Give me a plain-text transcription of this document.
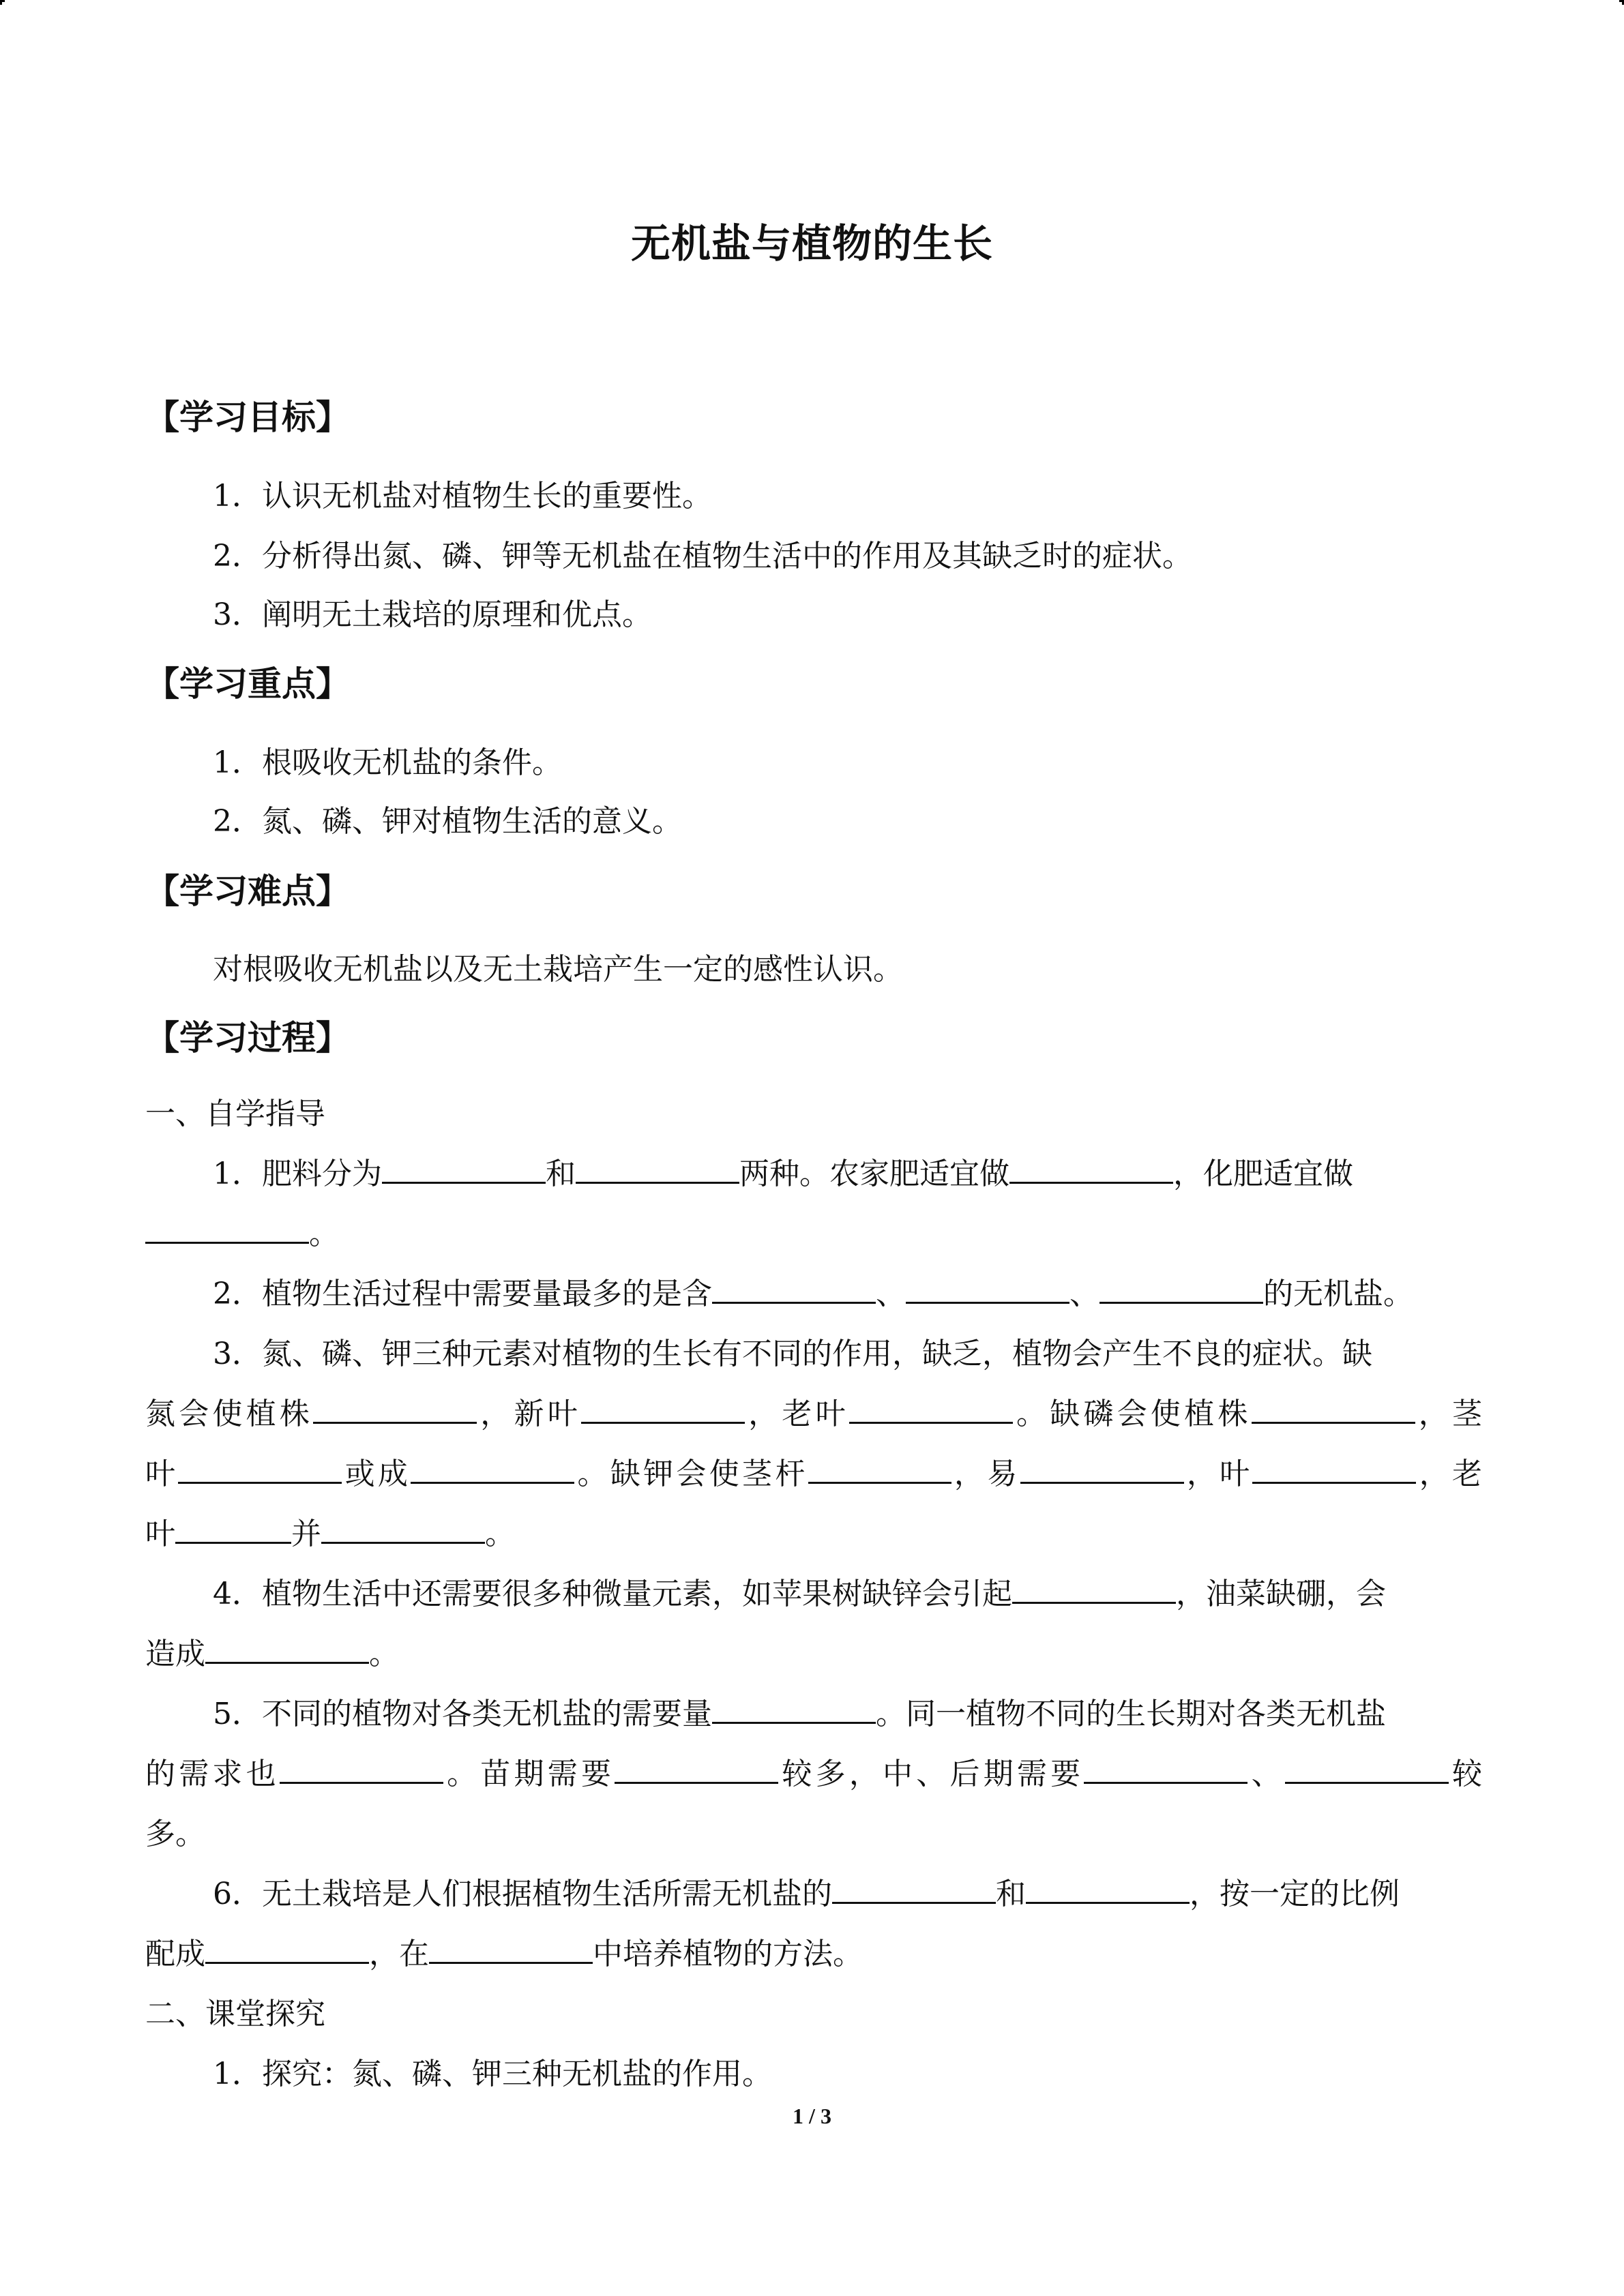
无机盐与植物的生长
【学习目标】
1．认识无机盐对植物生长的重要性。
2．分析得出氮、磷、钾等无机盐在植物生活中的作用及其缺乏时的症状。
3．阐明无土栽培的原理和优点。
【学习重点】
1．根吸收无机盐的条件。
2．氮、磷、钾对植物生活的意义。
【学习难点】
对根吸收无机盐以及无土栽培产生一定的感性认识。
【学习过程】
一、自学指导
1．肥料分为	和	两种。农家肥适宜做	，化肥适宜做
。
2．植物生活过程中需要量最多的是含	、	、	的无机盐。
3．氮、磷、钾三种元素对植物的生长有不同的作用，缺乏，植物会产生不良的症状。缺
氮会使植株	，新叶	，老叶	。缺磷会使植株	，茎
叶	或成	。缺钾会使茎杆	，易	，叶	，老
叶	并	。
4．植物生活中还需要很多种微量元素，如苹果树缺锌会引起	，油菜缺硼，会
造成	。
5．不同的植物对各类无机盐的需要量	。同一植物不同的生长期对各类无机盐
的需求也	。苗期需要	较多，中、后期需要	、	较
多。
6．无土栽培是人们根据植物生活所需无机盐的	和	，按一定的比例
配成	，在	中培养植物的方法。
二、课堂探究
1．探究：氮、磷、钾三种无机盐的作用。
1 / 3
